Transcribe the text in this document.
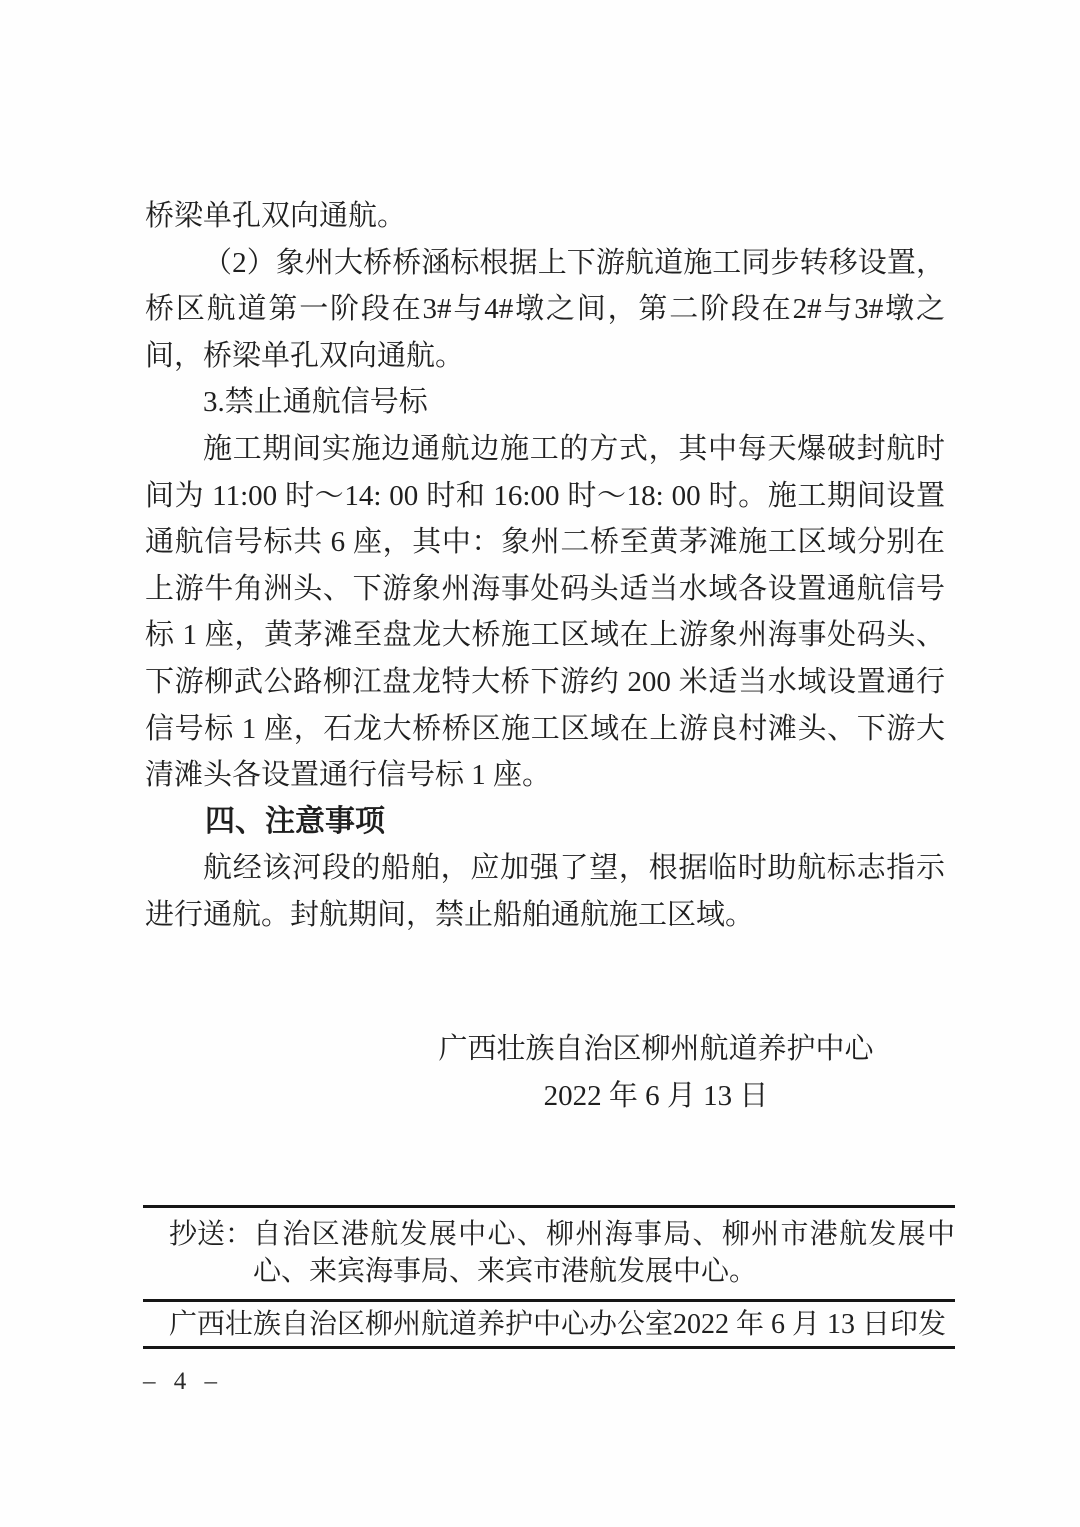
桥梁单孔双向通航。

（2）象州大桥桥涵标根据上下游航道施工同步转移设置，桥区航道第一阶段在3#与4#墩之间，第二阶段在2#与3#墩之间，桥梁单孔双向通航。

3.禁止通航信号标

施工期间实施边通航边施工的方式，其中每天爆破封航时间为 11:00 时～14: 00 时和 16:00 时～18: 00 时。施工期间设置通航信号标共 6 座，其中：象州二桥至黄茅滩施工区域分别在上游牛角洲头、下游象州海事处码头适当水域各设置通航信号标 1 座，黄茅滩至盘龙大桥施工区域在上游象州海事处码头、下游柳武公路柳江盘龙特大桥下游约 200 米适当水域设置通行信号标 1 座，石龙大桥桥区施工区域在上游良村滩头、下游大清滩头各设置通行信号标 1 座。

四、注意事项

航经该河段的船舶，应加强了望，根据临时助航标志指示进行通航。封航期间，禁止船舶通航施工区域。

广西壮族自治区柳州航道养护中心
2022 年 6 月 13 日
抄送： 自治区港航发展中心、柳州海事局、柳州市港航发展中心、来宾海事局、来宾市港航发展中心。
广西壮族自治区柳州航道养护中心办公室 2022 年 6 月 13 日印发
– 4 –
